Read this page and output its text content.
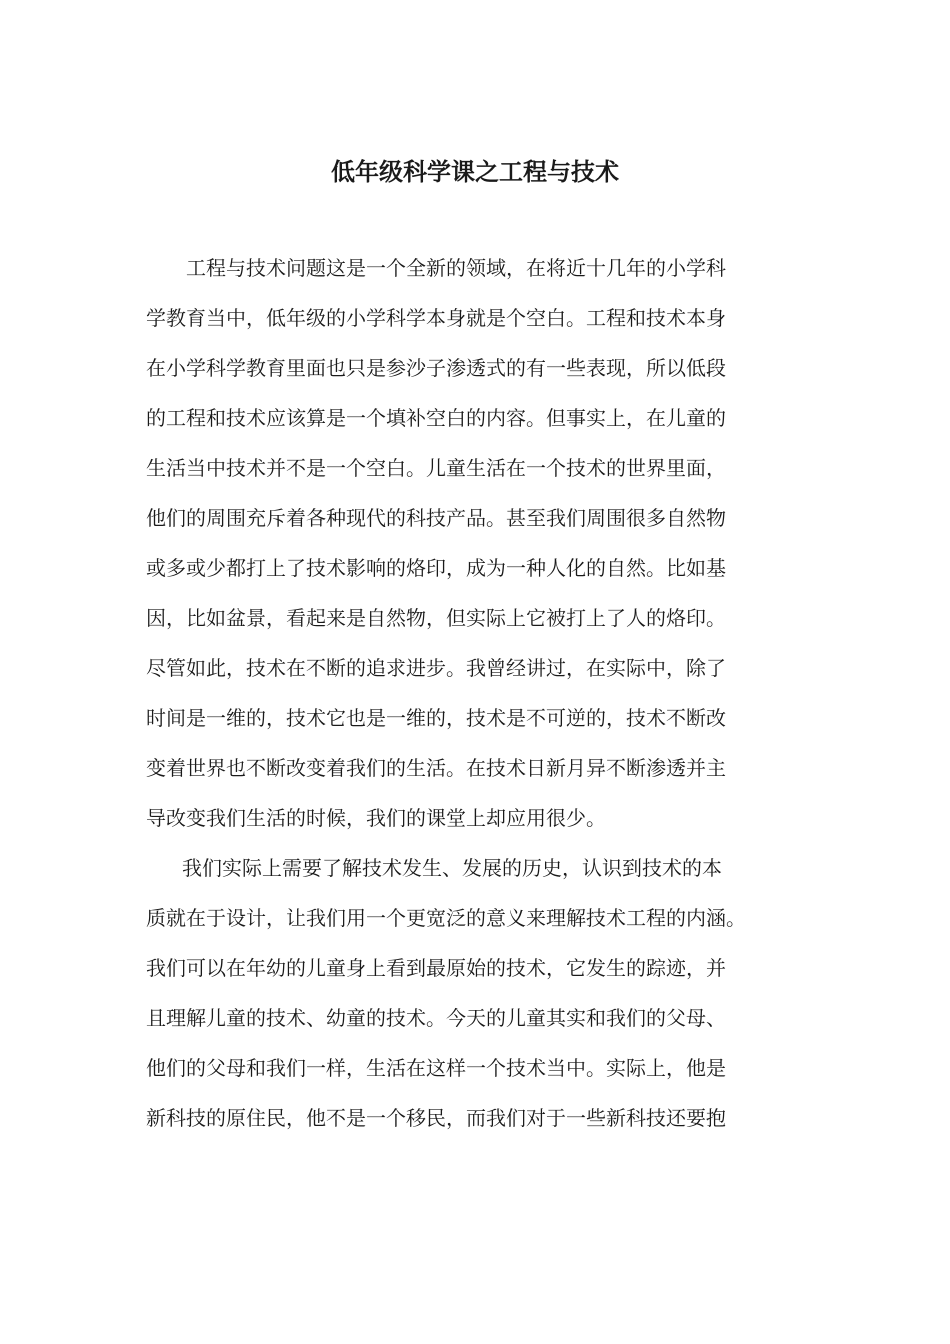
低年级科学课之工程与技术
工程与技术问题这是一个全新的领域，在将近十几年的小学科
学教育当中，低年级的小学科学本身就是个空白。工程和技术本身
在小学科学教育里面也只是参沙子渗透式的有一些表现，所以低段
的工程和技术应该算是一个填补空白的内容。但事实上，在儿童的
生活当中技术并不是一个空白。儿童生活在一个技术的世界里面，
他们的周围充斥着各种现代的科技产品。甚至我们周围很多自然物
或多或少都打上了技术影响的烙印，成为一种人化的自然。比如基
因，比如盆景，看起来是自然物，但实际上它被打上了人的烙印。
尽管如此，技术在不断的追求进步。我曾经讲过，在实际中，除了
时间是一维的，技术它也是一维的，技术是不可逆的，技术不断改
变着世界也不断改变着我们的生活。在技术日新月异不断渗透并主
导改变我们生活的时候，我们的课堂上却应用很少。
我们实际上需要了解技术发生、发展的历史，认识到技术的本
质就在于设计，让我们用一个更宽泛的意义来理解技术工程的内涵。
我们可以在年幼的儿童身上看到最原始的技术，它发生的踪迹，并
且理解儿童的技术、幼童的技术。今天的儿童其实和我们的父母、
他们的父母和我们一样，生活在这样一个技术当中。实际上，他是
新科技的原住民，他不是一个移民，而我们对于一些新科技还要抱
